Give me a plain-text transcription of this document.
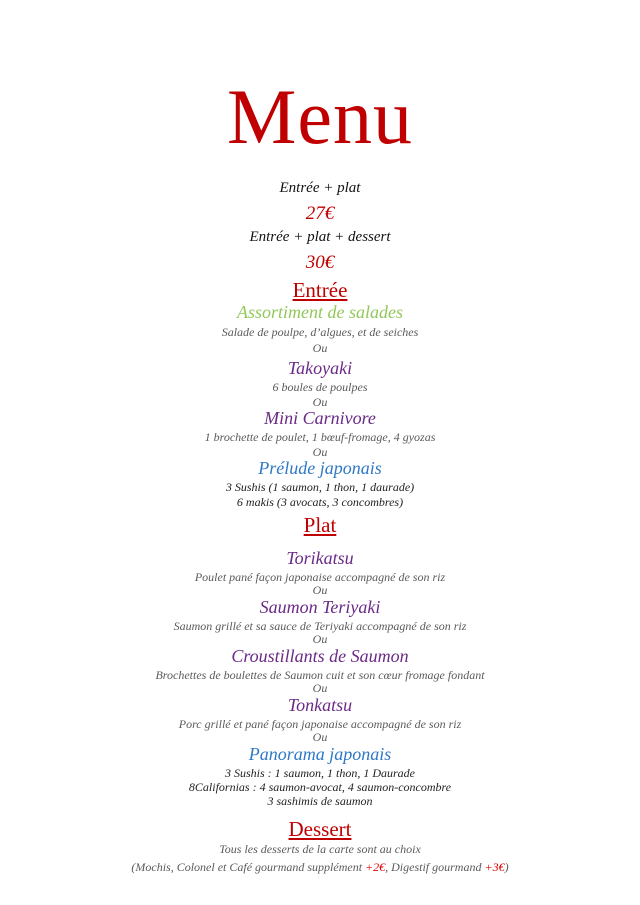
Menu
Entrée + plat
27€
Entrée + plat + dessert
30€
Entrée
Assortiment de salades
Salade de poulpe, d’algues, et de seiches
Ou
Takoyaki
6 boules de poulpes
Ou
Mini Carnivore
1 brochette de poulet, 1 bœuf-fromage, 4 gyozas
Ou
Prélude japonais
3 Sushis (1 saumon, 1 thon, 1 daurade)
6 makis (3 avocats, 3 concombres)
Plat
Torikatsu
Poulet pané façon japonaise accompagné de son riz
Ou
Saumon Teriyaki
Saumon grillé et sa sauce de Teriyaki accompagné de son riz
Ou
Croustillants de Saumon
Brochettes de boulettes de Saumon cuit et son cœur fromage fondant
Ou
Tonkatsu
Porc grillé et pané façon japonaise accompagné de son riz
Ou
Panorama japonais
3 Sushis : 1 saumon, 1 thon, 1 Daurade
8Californias : 4 saumon-avocat, 4 saumon-concombre
3 sashimis de saumon
Dessert
Tous les desserts de la carte sont au choix
(Mochis, Colonel et Café gourmand supplément +2€, Digestif gourmand +3€)
